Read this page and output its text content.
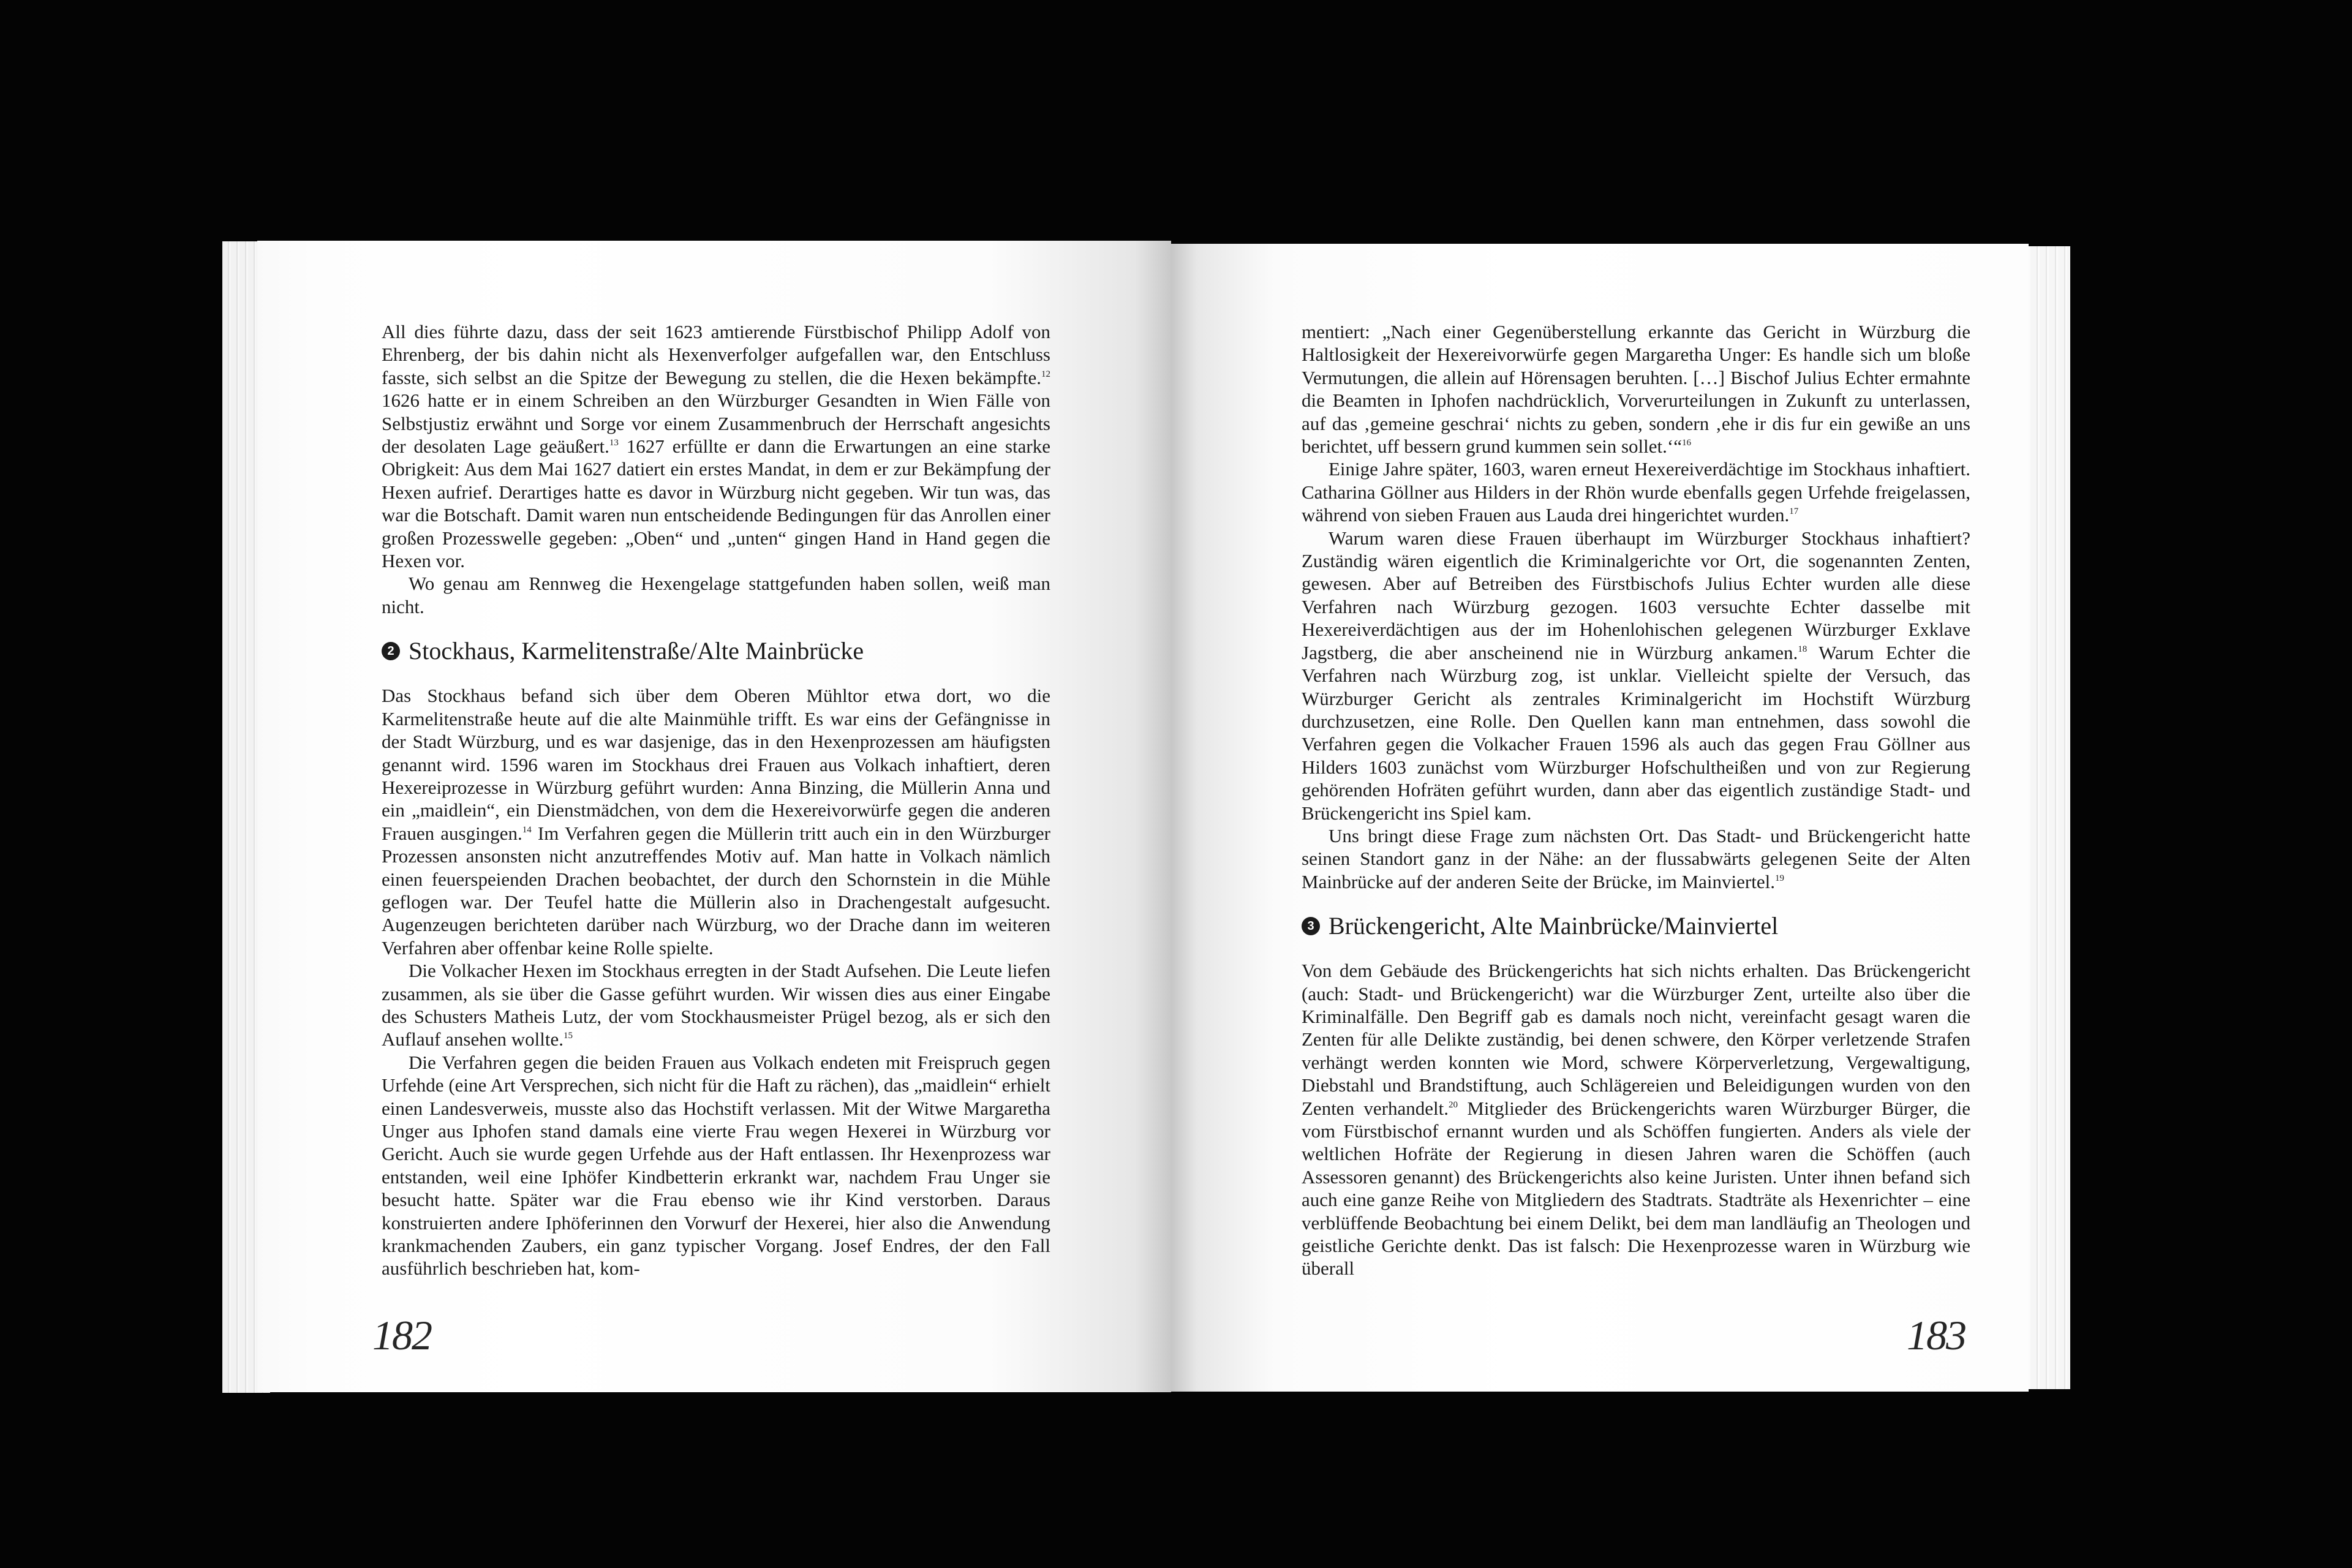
All dies führte dazu, dass der seit 1623 amtierende Fürstbischof Philipp Adolf von Ehrenberg, der bis dahin nicht als Hexenverfolger aufgefallen war, den Entschluss fasste, sich selbst an die Spitze der Bewegung zu stellen, die die Hexen bekämpfte.$^{12}$ 1626 hatte er in einem Schreiben an den Würzburger Gesandten in Wien Fälle von Selbstjustiz erwähnt und Sorge vor einem Zusammenbruch der Herrschaft angesichts der desolaten Lage geäußert.$^{13}$ 1627 erfüllte er dann die Erwartungen an eine starke Obrigkeit: Aus dem Mai 1627 datiert ein erstes Mandat, in dem er zur Bekämpfung der Hexen aufrief. Derartiges hatte es davor in Würzburg nicht gegeben. Wir tun was, das war die Botschaft. Damit waren nun entscheidende Bedingungen für das Anrollen einer großen Prozesswelle gegeben: „Oben“ und „unten“ gingen Hand in Hand gegen die Hexen vor.

Wo genau am Rennweg die Hexengelage stattgefunden haben sollen, weiß man nicht.

2 Stockhaus, Karmelitenstraße/Alte Mainbrücke

Das Stockhaus befand sich über dem Oberen Mühltor etwa dort, wo die Karmelitenstraße heute auf die alte Mainmühle trifft. Es war eins der Gefängnisse in der Stadt Würzburg, und es war dasjenige, das in den Hexenprozessen am häufigsten genannt wird. 1596 waren im Stockhaus drei Frauen aus Volkach inhaftiert, deren Hexereiprozesse in Würzburg geführt wurden: Anna Binzing, die Müllerin Anna und ein „maidlein“, ein Dienstmädchen, von dem die Hexereivorwürfe gegen die anderen Frauen ausgingen.$^{14}$ Im Verfahren gegen die Müllerin tritt auch ein in den Würzburger Prozessen ansonsten nicht anzutreffendes Motiv auf. Man hatte in Volkach nämlich einen feuerspeienden Drachen beobachtet, der durch den Schornstein in die Mühle geflogen war. Der Teufel hatte die Müllerin also in Drachengestalt aufgesucht. Augenzeugen berichteten darüber nach Würzburg, wo der Drache dann im weiteren Verfahren aber offenbar keine Rolle spielte.

Die Volkacher Hexen im Stockhaus erregten in der Stadt Aufsehen. Die Leute liefen zusammen, als sie über die Gasse geführt wurden. Wir wissen dies aus einer Eingabe des Schusters Matheis Lutz, der vom Stockhausmeister Prügel bezog, als er sich den Auflauf ansehen wollte.$^{15}$

Die Verfahren gegen die beiden Frauen aus Volkach endeten mit Freispruch gegen Urfehde (eine Art Versprechen, sich nicht für die Haft zu rächen), das „maidlein“ erhielt einen Landesverweis, musste also das Hochstift verlassen. Mit der Witwe Margaretha Unger aus Iphofen stand damals eine vierte Frau wegen Hexerei in Würzburg vor Gericht. Auch sie wurde gegen Urfehde aus der Haft entlassen. Ihr Hexenprozess war entstanden, weil eine Iphöfer Kindbetterin erkrankt war, nachdem Frau Unger sie besucht hatte. Später war die Frau ebenso wie ihr Kind verstorben. Daraus konstruierten andere Iphöferinnen den Vorwurf der Hexerei, hier also die Anwendung krankmachenden Zaubers, ein ganz typischer Vorgang. Josef Endres, der den Fall ausführlich beschrieben hat, kom-

182

mentiert: „Nach einer Gegenüberstellung erkannte das Gericht in Würzburg die Haltlosigkeit der Hexereivorwürfe gegen Margaretha Unger: Es handle sich um bloße Vermutungen, die allein auf Hörensagen beruhten. […] Bischof Julius Echter ermahnte die Beamten in Iphofen nachdrücklich, Vorverurteilungen in Zukunft zu unterlassen, auf das ‚gemeine geschrai‘ nichts zu geben, sondern ‚ehe ir dis fur ein gewiße an uns berichtet, uff bessern grund kummen sein sollet.‘“$^{16}$

Einige Jahre später, 1603, waren erneut Hexereiverdächtige im Stockhaus inhaftiert. Catharina Göllner aus Hilders in der Rhön wurde ebenfalls gegen Urfehde freigelassen, während von sieben Frauen aus Lauda drei hingerichtet wurden.$^{17}$

Warum waren diese Frauen überhaupt im Würzburger Stockhaus inhaftiert? Zuständig wären eigentlich die Kriminalgerichte vor Ort, die sogenannten Zenten, gewesen. Aber auf Betreiben des Fürstbischofs Julius Echter wurden alle diese Verfahren nach Würzburg gezogen. 1603 versuchte Echter dasselbe mit Hexereiverdächtigen aus der im Hohenlohischen gelegenen Würzburger Exklave Jagstberg, die aber anscheinend nie in Würzburg ankamen.$^{18}$ Warum Echter die Verfahren nach Würzburg zog, ist unklar. Vielleicht spielte der Versuch, das Würzburger Gericht als zentrales Kriminalgericht im Hochstift Würzburg durchzusetzen, eine Rolle. Den Quellen kann man entnehmen, dass sowohl die Verfahren gegen die Volkacher Frauen 1596 als auch das gegen Frau Göllner aus Hilders 1603 zunächst vom Würzburger Hofschultheißen und von zur Regierung gehörenden Hofräten geführt wurden, dann aber das eigentlich zuständige Stadt- und Brückengericht ins Spiel kam.

Uns bringt diese Frage zum nächsten Ort. Das Stadt- und Brückengericht hatte seinen Standort ganz in der Nähe: an der flussabwärts gelegenen Seite der Alten Mainbrücke auf der anderen Seite der Brücke, im Mainviertel.$^{19}$

3 Brückengericht, Alte Mainbrücke/Mainviertel

Von dem Gebäude des Brückengerichts hat sich nichts erhalten. Das Brückengericht (auch: Stadt- und Brückengericht) war die Würzburger Zent, urteilte also über die Kriminalfälle. Den Begriff gab es damals noch nicht, vereinfacht gesagt waren die Zenten für alle Delikte zuständig, bei denen schwere, den Körper verletzende Strafen verhängt werden konnten wie Mord, schwere Körperverletzung, Vergewaltigung, Diebstahl und Brandstiftung, auch Schlägereien und Beleidigungen wurden von den Zenten verhandelt.$^{20}$ Mitglieder des Brückengerichts waren Würzburger Bürger, die vom Fürstbischof ernannt wurden und als Schöffen fungierten. Anders als viele der weltlichen Hofräte der Regierung in diesen Jahren waren die Schöffen (auch Assessoren genannt) des Brückengerichts also keine Juristen. Unter ihnen befand sich auch eine ganze Reihe von Mitgliedern des Stadtrats. Stadträte als Hexenrichter – eine verblüffende Beobachtung bei einem Delikt, bei dem man landläufig an Theologen und geistliche Gerichte denkt. Das ist falsch: Die Hexenprozesse waren in Würzburg wie überall

183
